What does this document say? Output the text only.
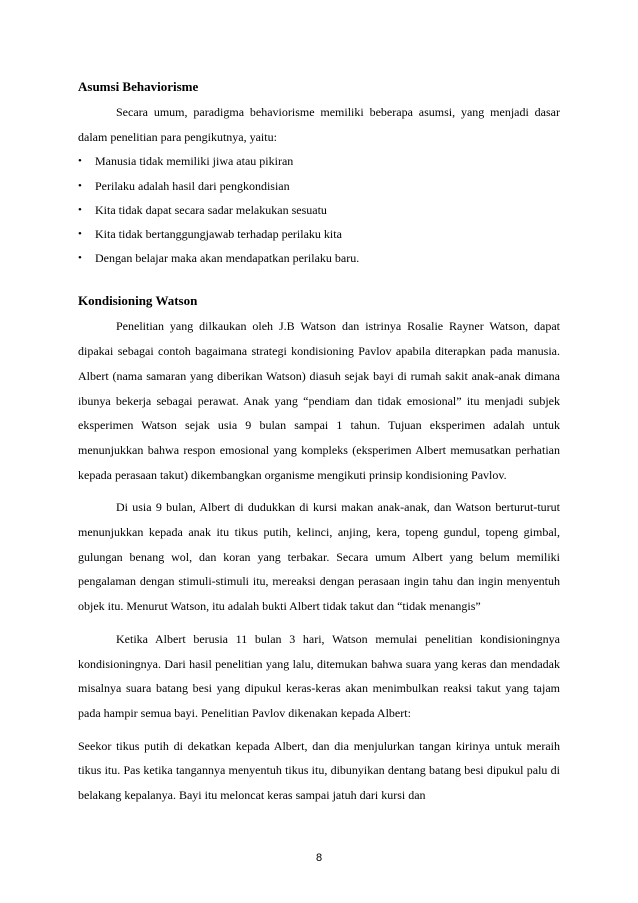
Asumsi Behaviorisme

Secara umum, paradigma behaviorisme memiliki beberapa asumsi, yang menjadi dasar dalam penelitian para pengikutnya, yaitu:

• Manusia tidak memiliki jiwa atau pikiran
• Perilaku adalah hasil dari pengkondisian
• Kita tidak dapat secara sadar melakukan sesuatu
• Kita tidak bertanggungjawab terhadap perilaku kita
• Dengan belajar maka akan mendapatkan perilaku baru.
Kondisioning Watson

Penelitian yang dilkaukan oleh J.B Watson dan istrinya Rosalie Rayner Watson, dapat dipakai sebagai contoh bagaimana strategi kondisioning Pavlov apabila diterapkan pada manusia. Albert (nama samaran yang diberikan Watson) diasuh sejak bayi di rumah sakit anak-anak dimana ibunya bekerja sebagai perawat. Anak yang “pendiam dan tidak emosional” itu menjadi subjek eksperimen Watson sejak usia 9 bulan sampai 1 tahun. Tujuan eksperimen adalah untuk menunjukkan bahwa respon emosional yang kompleks (eksperimen Albert memusatkan perhatian kepada perasaan takut) dikembangkan organisme mengikuti prinsip kondisioning Pavlov.

Di usia 9 bulan, Albert di dudukkan di kursi makan anak-anak, dan Watson berturut-turut menunjukkan kepada anak itu tikus putih, kelinci, anjing, kera, topeng gundul, topeng gimbal, gulungan benang wol, dan koran yang terbakar. Secara umum Albert yang belum memiliki pengalaman dengan stimuli-stimuli itu, mereaksi dengan perasaan ingin tahu dan ingin menyentuh objek itu. Menurut Watson, itu adalah bukti Albert tidak takut dan “tidak menangis”

Ketika Albert berusia 11 bulan 3 hari, Watson memulai penelitian kondisioningnya kondisioningnya. Dari hasil penelitian yang lalu, ditemukan bahwa suara yang keras dan mendadak misalnya suara batang besi yang dipukul keras-keras akan menimbulkan reaksi takut yang tajam pada hampir semua bayi. Penelitian Pavlov dikenakan kepada Albert:

Seekor tikus putih di dekatkan kepada Albert, dan dia menjulurkan tangan kirinya untuk meraih tikus itu. Pas ketika tangannya menyentuh tikus itu, dibunyikan dentang batang besi dipukul palu di belakang kepalanya. Bayi itu meloncat keras sampai jatuh dari kursi dan

8
